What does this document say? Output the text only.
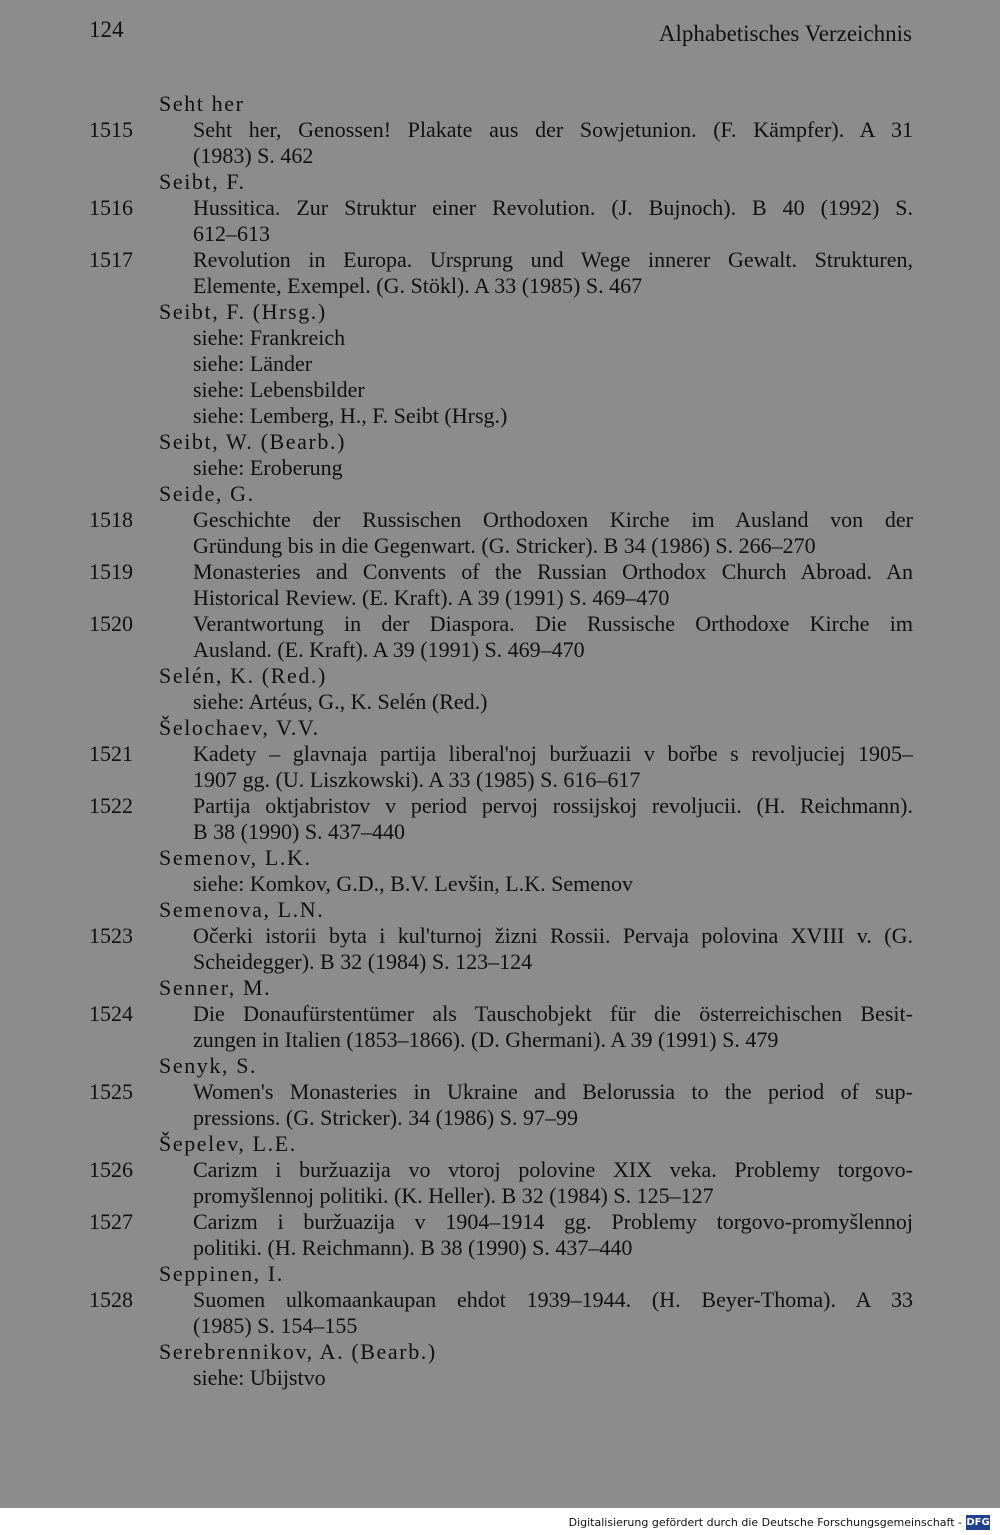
124	Alphabetisches Verzeichnis
Seht her
1515	Seht her, Genossen! Plakate aus der Sowjetunion. (F. Kämpfer). A 31
(1983) S. 462
Seibt, F.
1516	Hussitica. Zur Struktur einer Revolution. (J. Bujnoch). B 40 (1992) S.
612–613
1517	Revolution in Europa. Ursprung und Wege innerer Gewalt. Strukturen,
Elemente, Exempel. (G. Stökl). A 33 (1985) S. 467
Seibt, F. (Hrsg.)
siehe: Frankreich
siehe: Länder
siehe: Lebensbilder
siehe: Lemberg, H., F. Seibt (Hrsg.)
Seibt, W. (Bearb.)
siehe: Eroberung
Seide, G.
1518	Geschichte der Russischen Orthodoxen Kirche im Ausland von der
Gründung bis in die Gegenwart. (G. Stricker). B 34 (1986) S. 266–270
1519	Monasteries and Convents of the Russian Orthodox Church Abroad. An
Historical Review. (E. Kraft). A 39 (1991) S. 469–470
1520	Verantwortung in der Diaspora. Die Russische Orthodoxe Kirche im
Ausland. (E. Kraft). A 39 (1991) S. 469–470
Selén, K. (Red.)
siehe: Artéus, G., K. Selén (Red.)
Šelochaev, V.V.
1521	Kadety – glavnaja partija liberal'noj buržuazii v bořbe s revoljuciej 1905–
1907 gg. (U. Liszkowski). A 33 (1985) S. 616–617
1522	Partija oktjabristov v period pervoj rossijskoj revoljucii. (H. Reichmann).
B 38 (1990) S. 437–440
Semenov, L.K.
siehe: Komkov, G.D., B.V. Levšin, L.K. Semenov
Semenova, L.N.
1523	Očerki istorii byta i kul'turnoj žizni Rossii. Pervaja polovina XVIII v. (G.
Scheidegger). B 32 (1984) S. 123–124
Senner, M.
1524	Die Donaufürstentümer als Tauschobjekt für die österreichischen Besit-
zungen in Italien (1853–1866). (D. Ghermani). A 39 (1991) S. 479
Senyk, S.
1525	Women's Monasteries in Ukraine and Belorussia to the period of sup-
pressions. (G. Stricker). 34 (1986) S. 97–99
Šepelev, L.E.
1526	Carizm i buržuazija vo vtoroj polovine XIX veka. Problemy torgovo-
promyšlennoj politiki. (K. Heller). B 32 (1984) S. 125–127
1527	Carizm i buržuazija v 1904–1914 gg. Problemy torgovo-promyšlennoj
politiki. (H. Reichmann). B 38 (1990) S. 437–440
Seppinen, I.
1528	Suomen ulkomaankaupan ehdot 1939–1944. (H. Beyer-Thoma). A 33
(1985) S. 154–155
Serebrennikov, A. (Bearb.)
siehe: Ubijstvo
Digitalisierung gefördert durch die Deutsche Forschungsgemeinschaft - DFG
